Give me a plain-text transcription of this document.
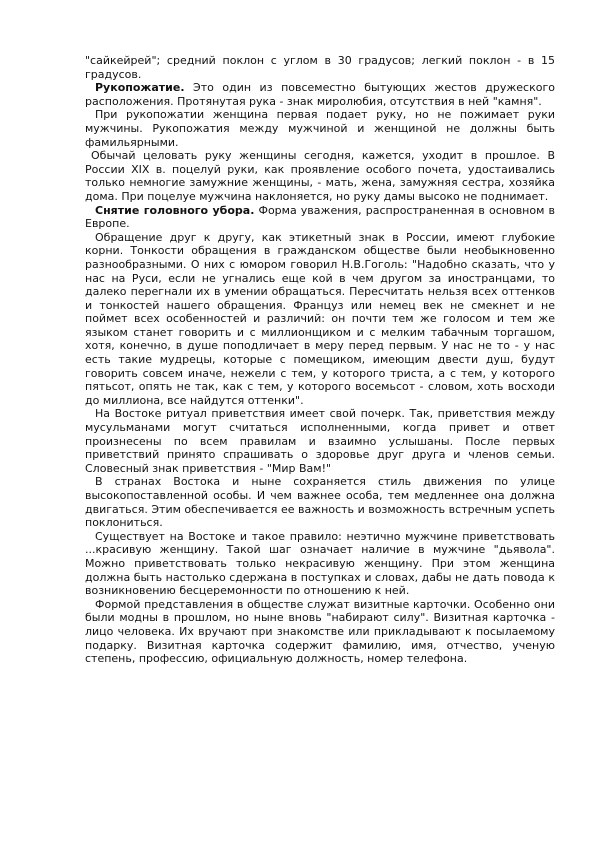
"сайкейрей"; средний поклон с углом в 30 градусов; легкий поклон - в 15 градусов.

Рукопожатие. Это один из повсеместно бытующих жестов дружеского расположения. Протянутая рука - знак миролюбия, отсутствия в ней "камня".

При рукопожатии женщина первая подает руку, но не пожимает руки мужчины. Рукопожатия между мужчиной и женщиной не должны быть фамильярными.

Обычай целовать руку женщины сегодня, кажется, уходит в прошлое. В России XIX в. поцелуй руки, как проявление особого почета, удостаивались только немногие замужние женщины, - мать, жена, замужняя сестра, хозяйка дома. При поцелуе мужчина наклоняется, но руку дамы высоко не поднимает.

Снятие головного убора. Форма уважения, распространенная в основном в Европе.

Обращение друг к другу, как этикетный знак в России, имеют глубокие корни. Тонкости обращения в гражданском обществе были необыкновенно разнообразными. О них с юмором говорил Н.В.Гоголь: "Надобно сказать, что у нас на Руси, если не угнались еще кой в чем другом за иностранцами, то далеко перегнали их в умении обращаться. Пересчитать нельзя всех оттенков и тонкостей нашего обращения. Француз или немец век не смекнет и не поймет всех особенностей и различий: он почти тем же голосом и тем же языком станет говорить и с миллионщиком и с мелким табачным торгашом, хотя, конечно, в душе поподличает в меру перед первым. У нас не то - у нас есть такие мудрецы, которые с помещиком, имеющим двести душ, будут говорить совсем иначе, нежели с тем, у которого триста, а с тем, у которого пятьсот, опять не так, как с тем, у которого восемьсот - словом, хоть восходи до миллиона, все найдутся оттенки".

На Востоке ритуал приветствия имеет свой почерк. Так, приветствия между мусульманами могут считаться исполненными, когда привет и ответ произнесены по всем правилам и взаимно услышаны. После первых приветствий принято спрашивать о здоровье друг друга и членов семьи. Словесный знак приветствия - "Мир Вам!"

В странах Востока и ныне сохраняется стиль движения по улице высокопоставленной особы. И чем важнее особа, тем медленнее она должна двигаться. Этим обеспечивается ее важность и возможность встречным успеть поклониться.

Существует на Востоке и такое правило: неэтично мужчине приветствовать ...красивую женщину. Такой шаг означает наличие в мужчине "дьявола". Можно приветствовать только некрасивую женщину. При этом женщина должна быть настолько сдержана в поступках и словах, дабы не дать повода к возникновению бесцеремонности по отношению к ней.

Формой представления в обществе служат визитные карточки. Особенно они были модны в прошлом, но ныне вновь "набирают силу". Визитная карточка - лицо человека. Их вручают при знакомстве или прикладывают к посылаемому подарку. Визитная карточка содержит фамилию, имя, отчество, ученую степень, профессию, официальную должность, номер телефона.
